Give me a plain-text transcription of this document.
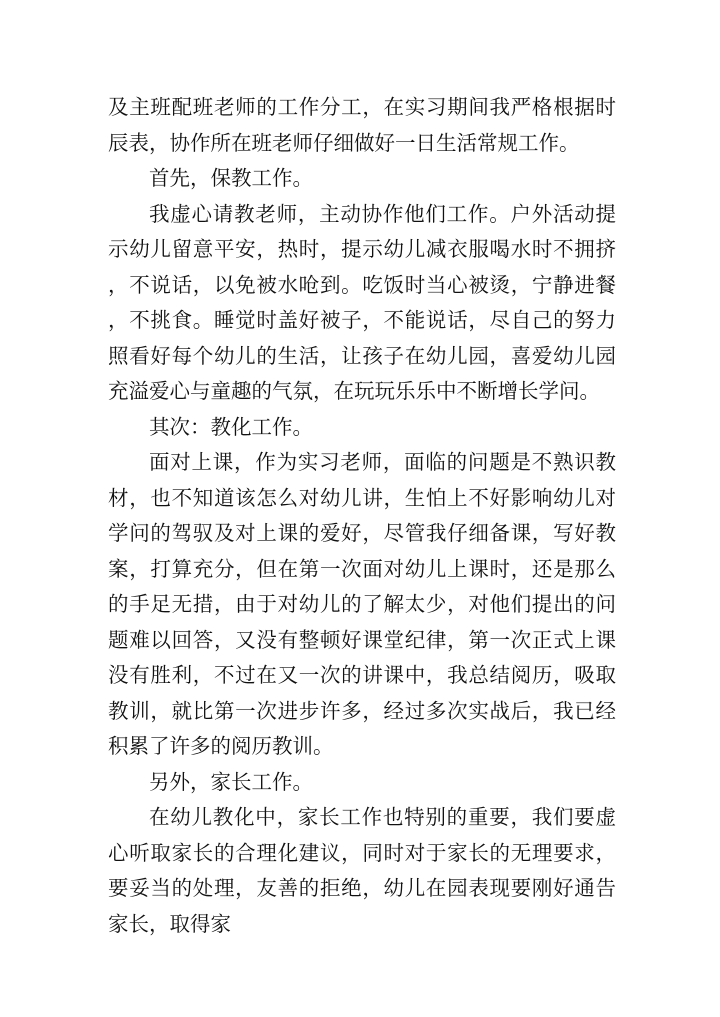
及主班配班老师的工作分工，在实习期间我严格根据时辰表，协作所在班老师仔细做好一日生活常规工作。

首先，保教工作。

我虚心请教老师，主动协作他们工作。户外活动提示幼儿留意平安，热时，提示幼儿减衣服喝水时不拥挤，不说话，以免被水呛到。吃饭时当心被烫，宁静进餐，不挑食。睡觉时盖好被子，不能说话，尽自己的努力照看好每个幼儿的生活，让孩子在幼儿园，喜爱幼儿园充溢爱心与童趣的气氛，在玩玩乐乐中不断增长学问。

其次：教化工作。

面对上课，作为实习老师，面临的问题是不熟识教材，也不知道该怎么对幼儿讲，生怕上不好影响幼儿对学问的驾驭及对上课的爱好，尽管我仔细备课，写好教案，打算充分，但在第一次面对幼儿上课时，还是那么的手足无措，由于对幼儿的了解太少，对他们提出的问题难以回答，又没有整顿好课堂纪律，第一次正式上课没有胜利，不过在又一次的讲课中，我总结阅历，吸取教训，就比第一次进步许多，经过多次实战后，我已经积累了许多的阅历教训。

另外，家长工作。

在幼儿教化中，家长工作也特别的重要，我们要虚心听取家长的合理化建议，同时对于家长的无理要求，要妥当的处理，友善的拒绝，幼儿在园表现要刚好通告家长，取得家
